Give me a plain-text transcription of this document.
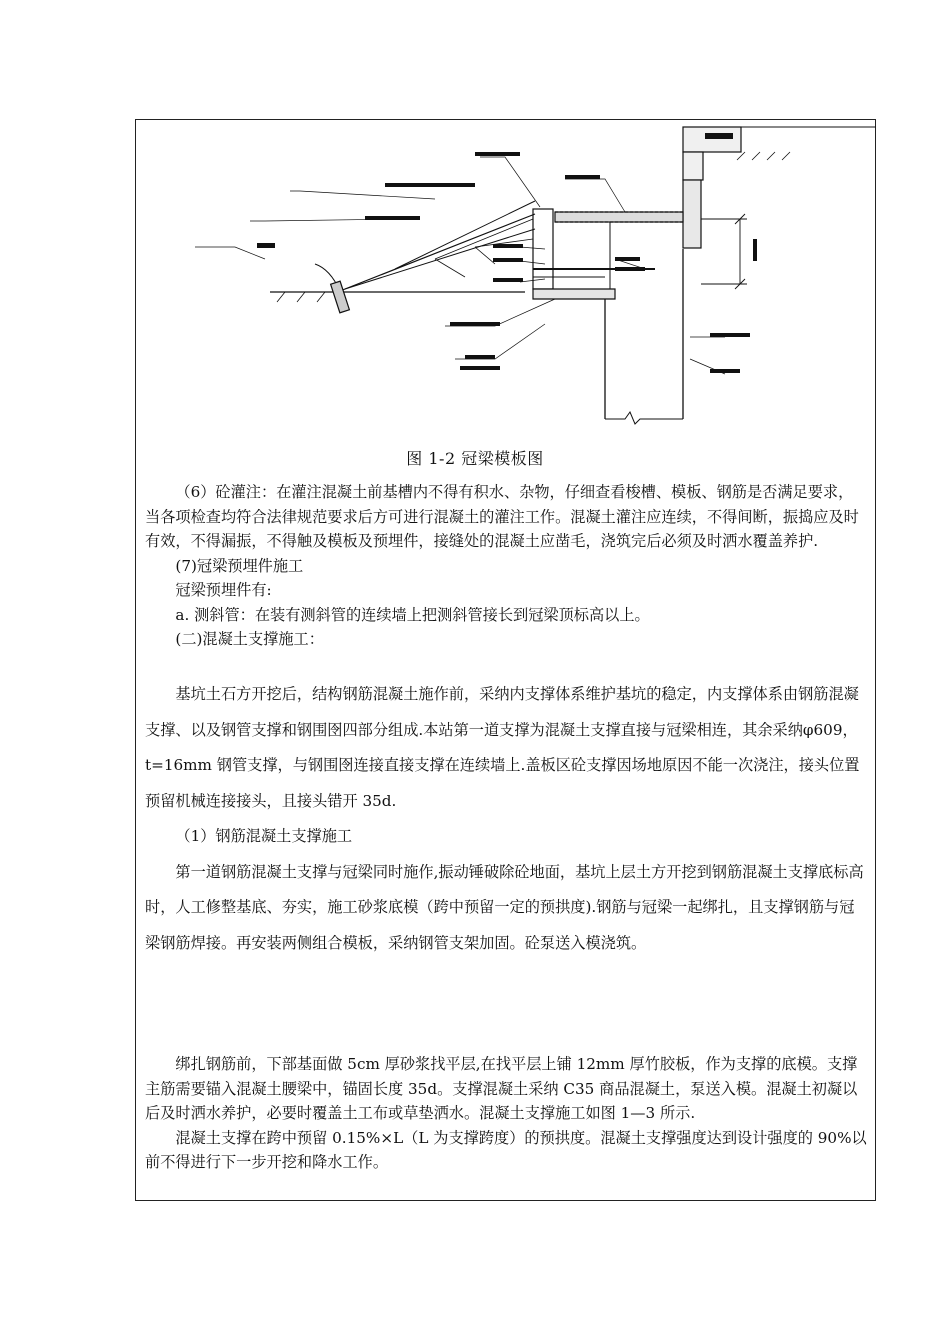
图 1-2 冠梁模板图

（6）砼灌注：在灌注混凝土前基槽内不得有积水、杂物，仔细查看梭槽、模板、钢筋是否满足要求，当各项检查均符合法律规范要求后方可进行混凝土的灌注工作。混凝土灌注应连续，不得间断，振捣应及时有效，不得漏振，不得触及模板及预埋件，接缝处的混凝土应凿毛，浇筑完后必须及时洒水覆盖养护.

(7)冠梁预埋件施工

冠梁预埋件有:

a. 测斜管：在装有测斜管的连续墙上把测斜管接长到冠梁顶标高以上。

(二)混凝土支撑施工：

基坑土石方开挖后，结构钢筋混凝土施作前，采纳内支撑体系维护基坑的稳定，内支撑体系由钢筋混凝支撑、以及钢管支撑和钢围囹四部分组成.本站第一道支撑为混凝土支撑直接与冠梁相连，其余采纳φ609，t=16mm 钢管支撑，与钢围囹连接直接支撑在连续墙上.盖板区砼支撑因场地原因不能一次浇注，接头位置预留机械连接接头，且接头错开 35d.

（1）钢筋混凝土支撑施工

第一道钢筋混凝土支撑与冠梁同时施作,振动锤破除砼地面，基坑上层土方开挖到钢筋混凝土支撑底标高时，人工修整基底、夯实，施工砂浆底模（跨中预留一定的预拱度).钢筋与冠梁一起绑扎，且支撑钢筋与冠梁钢筋焊接。再安装两侧组合模板，采纳钢管支架加固。砼泵送入模浇筑。

绑扎钢筋前，下部基面做 5cm 厚砂浆找平层,在找平层上铺 12mm 厚竹胶板，作为支撑的底模。支撑主筋需要锚入混凝土腰梁中，锚固长度 35d。支撑混凝土采纳 C35 商品混凝土，泵送入模。混凝土初凝以后及时洒水养护，必要时覆盖土工布或草垫洒水。混凝土支撑施工如图 1—3 所示.

混凝土支撑在跨中预留 0.15%×L（L 为支撑跨度）的预拱度。混凝土支撑强度达到设计强度的 90%以前不得进行下一步开挖和降水工作。
